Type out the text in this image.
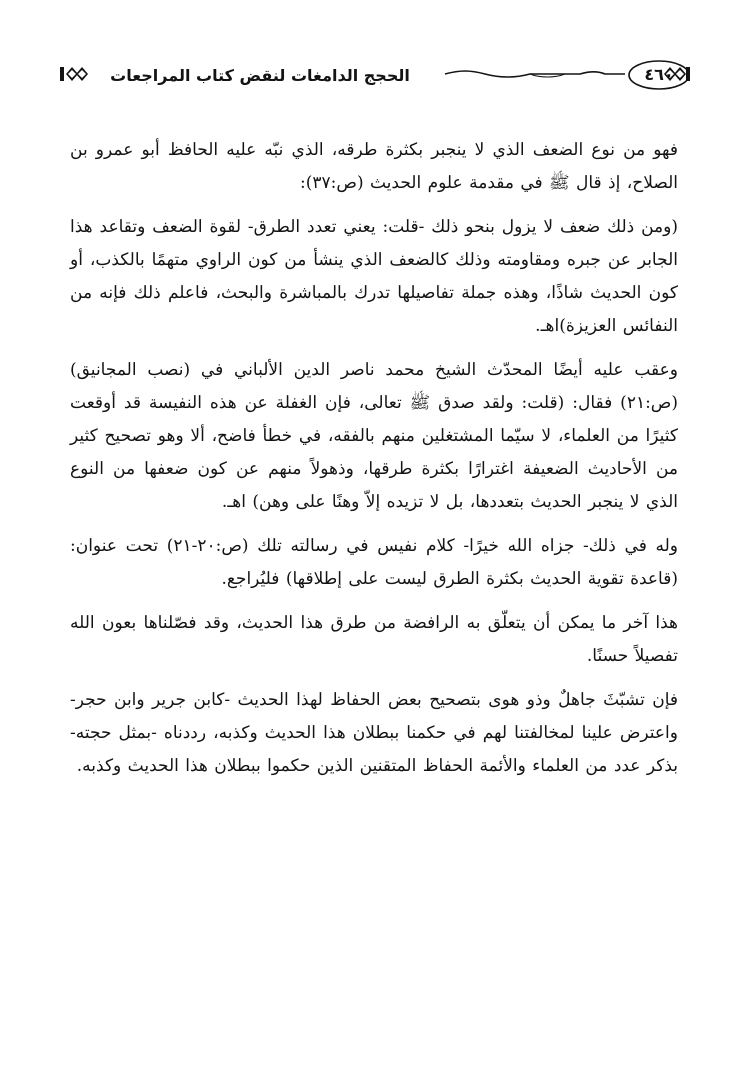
٤٦٠
الحجج الدامغات لنقض كتاب المراجعات

فهو من نوع الضعف الذي لا ينجبر بكثرة طرقه، الذي نبّه عليه الحافظ أبو عمرو بن الصلاح، إذ قال ﷺ في مقدمة علوم الحديث (ص:٣٧):

(ومن ذلك ضعف لا يزول بنحو ذلك -قلت: يعني تعدد الطرق- لقوة الضعف وتقاعد هذا الجابر عن جبره ومقاومته وذلك كالضعف الذي ينشأ من كون الراوي متهمًا بالكذب، أو كون الحديث شاذًا، وهذه جملة تفاصيلها تدرك بالمباشرة والبحث، فاعلم ذلك فإنه من النفائس العزيزة)اهـ.

وعقب عليه أيضًا المحدّث الشيخ محمد ناصر الدين الألباني في (نصب المجانيق) (ص:٢١) فقال: (قلت: ولقد صدق ﷺ تعالى، فإن الغفلة عن هذه النفيسة قد أوقعت كثيرًا من العلماء، لا سيّما المشتغلين منهم بالفقه، في خطأ فاضح، ألا وهو تصحيح كثير من الأحاديث الضعيفة اغترارًا بكثرة طرقها، وذهولاً منهم عن كون ضعفها من النوع الذي لا ينجبر الحديث بتعددها، بل لا تزيده إلاّ وهنًا على وهن) اهـ.

وله في ذلك- جزاه الله خيرًا- كلام نفيس في رسالته تلك (ص:٢٠-٢١) تحت عنوان: (قاعدة تقوية الحديث بكثرة الطرق ليست على إطلاقها) فليُراجع.

هذا آخر ما يمكن أن يتعلّق به الرافضة من طرق هذا الحديث، وقد فصّلناها بعون الله تفصيلاً حسنًا.

فإن تشبّثَ جاهلٌ وذو هوى بتصحيح بعض الحفاظ لهذا الحديث -كابن جرير وابن حجر- واعترض علينا لمخالفتنا لهم في حكمنا ببطلان هذا الحديث وكذبه، رددناه -بمثل حجته- بذكر عدد من العلماء والأئمة الحفاظ المتقنين الذين حكموا ببطلان هذا الحديث وكذبه.
